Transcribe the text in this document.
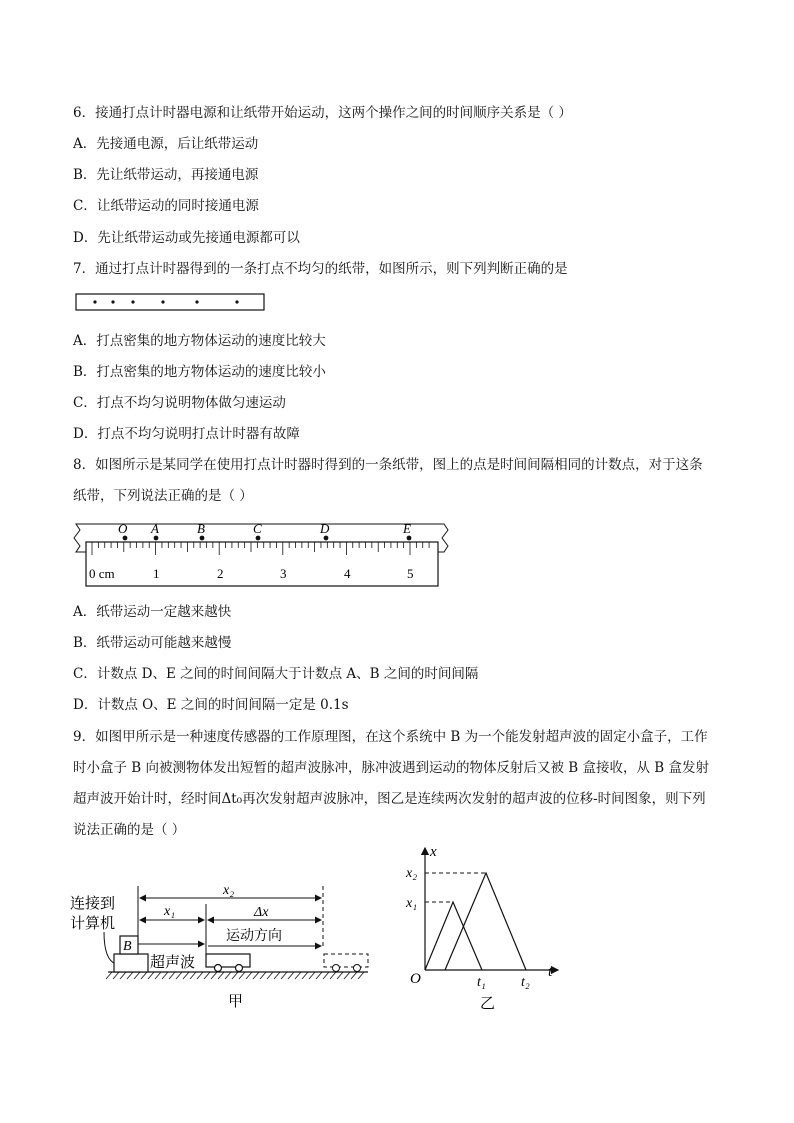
6．接通打点计时器电源和让纸带开始运动，这两个操作之间的时间顺序关系是（ ）
A．先接通电源，后让纸带运动
B．先让纸带运动，再接通电源
C．让纸带运动的同时接通电源
D．先让纸带运动或先接通电源都可以
7．通过打点计时器得到的一条打点不均匀的纸带，如图所示，则下列判断正确的是
A．打点密集的地方物体运动的速度比较大
B．打点密集的地方物体运动的速度比较小
C．打点不均匀说明物体做匀速运动
D．打点不均匀说明打点计时器有故障
8．如图所示是某同学在使用打点计时器时得到的一条纸带，图上的点是时间间隔相同的计数点，对于这条
纸带，下列说法正确的是（ ）
O A	B	C	D	E
0 cm	1	2	3	4	5
A．纸带运动一定越来越快
B．纸带运动可能越来越慢
C．计数点 D、E 之间的时间间隔大于计数点 A、B 之间的时间间隔
D．计数点 O、E 之间的时间间隔一定是 0.1s
9．如图甲所示是一种速度传感器的工作原理图，在这个系统中 B 为一个能发射超声波的固定小盒子，工作
时小盒子 B 向被测物体发出短暂的超声波脉冲，脉冲波遇到运动的物体反射后又被 B 盒接收，从 B 盒发射
超声波开始计时，经时间Δt₀再次发射超声波脉冲，图乙是连续两次发射的超声波的位移-时间图象，则下列
说法正确的是（ ）
连接到
计算机
B
x₂
x₁	Δx
运动方向
超声波
甲
x
t
O
x₂
x₁
t₁	t₂
乙
